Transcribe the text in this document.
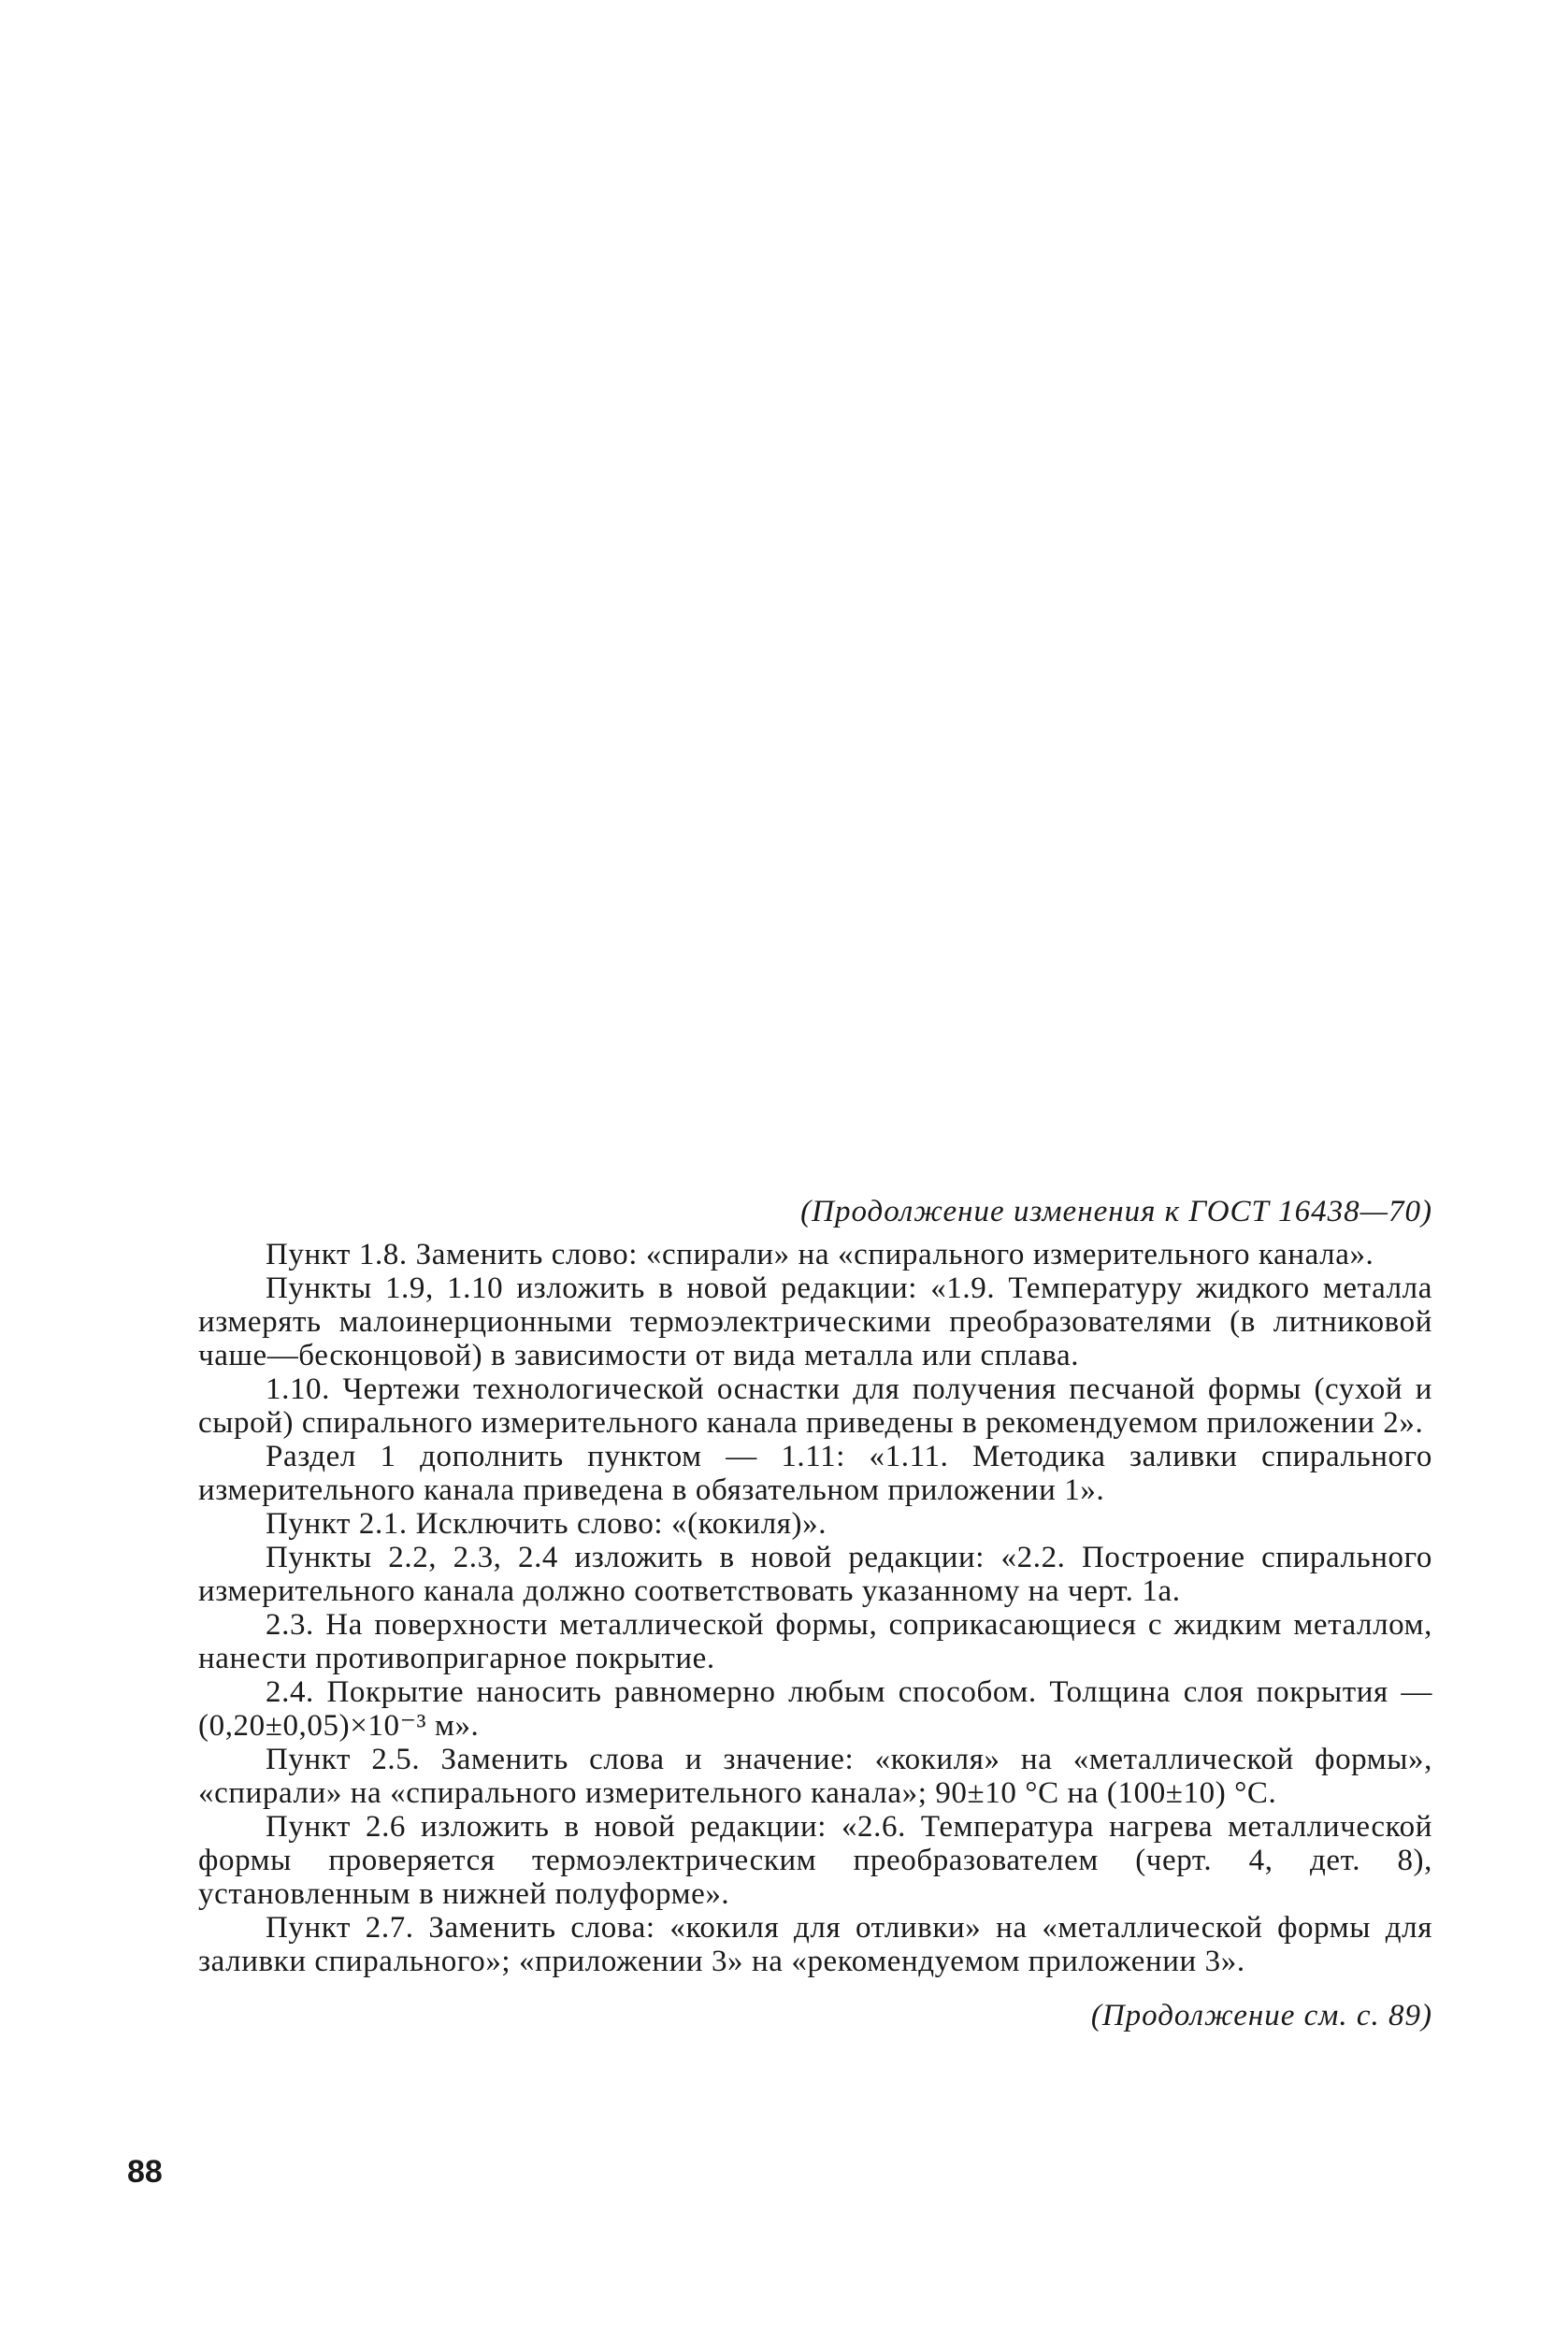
(Продолжение изменения к ГОСТ 16438—70)

Пункт 1.8. Заменить слово: «спирали» на «спирального измерительного канала».

Пункты 1.9, 1.10 изложить в новой редакции: «1.9. Температуру жидкого металла измерять малоинерционными термоэлектрическими преобразователями (в литниковой чаше—бесконцовой) в зависимости от вида металла или сплава.

1.10. Чертежи технологической оснастки для получения песчаной формы (сухой и сырой) спирального измерительного канала приведены в рекомендуемом приложении 2».

Раздел 1 дополнить пунктом — 1.11: «1.11. Методика заливки спирального измерительного канала приведена в обязательном приложении 1».

Пункт 2.1. Исключить слово: «(кокиля)».

Пункты 2.2, 2.3, 2.4 изложить в новой редакции: «2.2. Построение спирального измерительного канала должно соответствовать указанному на черт. 1а.

2.3. На поверхности металлической формы, соприкасающиеся с жидким металлом, нанести противопригарное покрытие.

2.4. Покрытие наносить равномерно любым способом. Толщина слоя покрытия — (0,20±0,05)×10⁻³ м».

Пункт 2.5. Заменить слова и значение: «кокиля» на «металлической формы», «спирали» на «спирального измерительного канала»; 90±10 °С на (100±10) °С.

Пункт 2.6 изложить в новой редакции: «2.6. Температура нагрева металлической формы проверяется термоэлектрическим преобразователем (черт. 4, дет. 8), установленным в нижней полуформе».

Пункт 2.7. Заменить слова: «кокиля для отливки» на «металлической формы для заливки спирального»; «приложении 3» на «рекомендуемом приложении 3».

(Продолжение см. с. 89)

88
